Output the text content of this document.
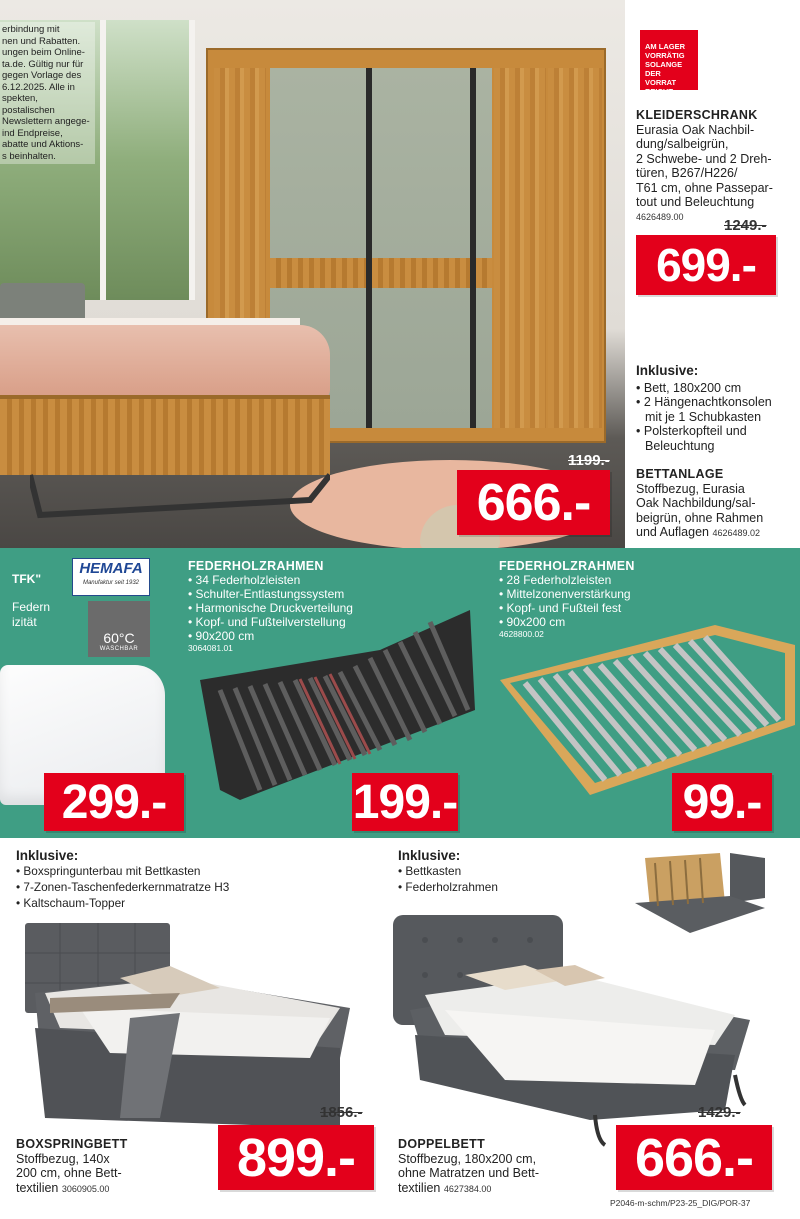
erbindung mit
nen und Rabatten.
ungen beim Online-
ta.de. Gültig nur für
gegen Vorlage des
6.12.2025. Alle in
spekten, postalischen
Newslettern angege-
ind Endpreise,
abatte und Aktions-
s beinhalten.
AM LAGER
VORRÄTIG
SOLANGE
DER VORRAT
REICHT
KLEIDERSCHRANK
Eurasia Oak Nachbil-
dung/salbeigrün,
2 Schwebe- und 2 Dreh-
türen, B267/H226/
T61 cm, ohne Passepar-
tout und Beleuchtung
4626489.00
1249.-
699.-
Inklusive:
• Bett, 180x200 cm
• 2 Hängenachtkonsolen
mit je 1 Schubkasten
• Polsterkopfteil und
Beleuchtung
BETTANLAGE
Stoffbezug, Eurasia
Oak Nachbildung/sal-
beigrün, ohne Rahmen
und Auflagen 4626489.02
1199.-
666.-
TFK"
Federn
izität
HEMAFA
Manufaktur seit 1932
60°C
WASCHBAR
299.-
FEDERHOLZRAHMEN
• 34 Federholzleisten
• Schulter-Entlastungssystem
• Harmonische Druckverteilung
• Kopf- und Fußteilverstellung
• 90x200 cm
3064081.01
199.-
FEDERHOLZRAHMEN
• 28 Federholzleisten
• Mittelzonenverstärkung
• Kopf- und Fußteil fest
• 90x200 cm
4628800.02
99.-
Inklusive:
• Boxspringunterbau mit Bettkasten
• 7-Zonen-Taschenfederkernmatratze H3
• Kaltschaum-Topper
1856.-
BOXSPRINGBETT
Stoffbezug, 140x
200 cm, ohne Bett-
textilien 3060905.00
899.-
Inklusive:
• Bettkasten
• Federholzrahmen
1429.-
DOPPELBETT
Stoffbezug, 180x200 cm,
ohne Matratzen und Bett-
textilien 4627384.00
666.-
P2046-m-schm/P23-25_DIG/POR-37
